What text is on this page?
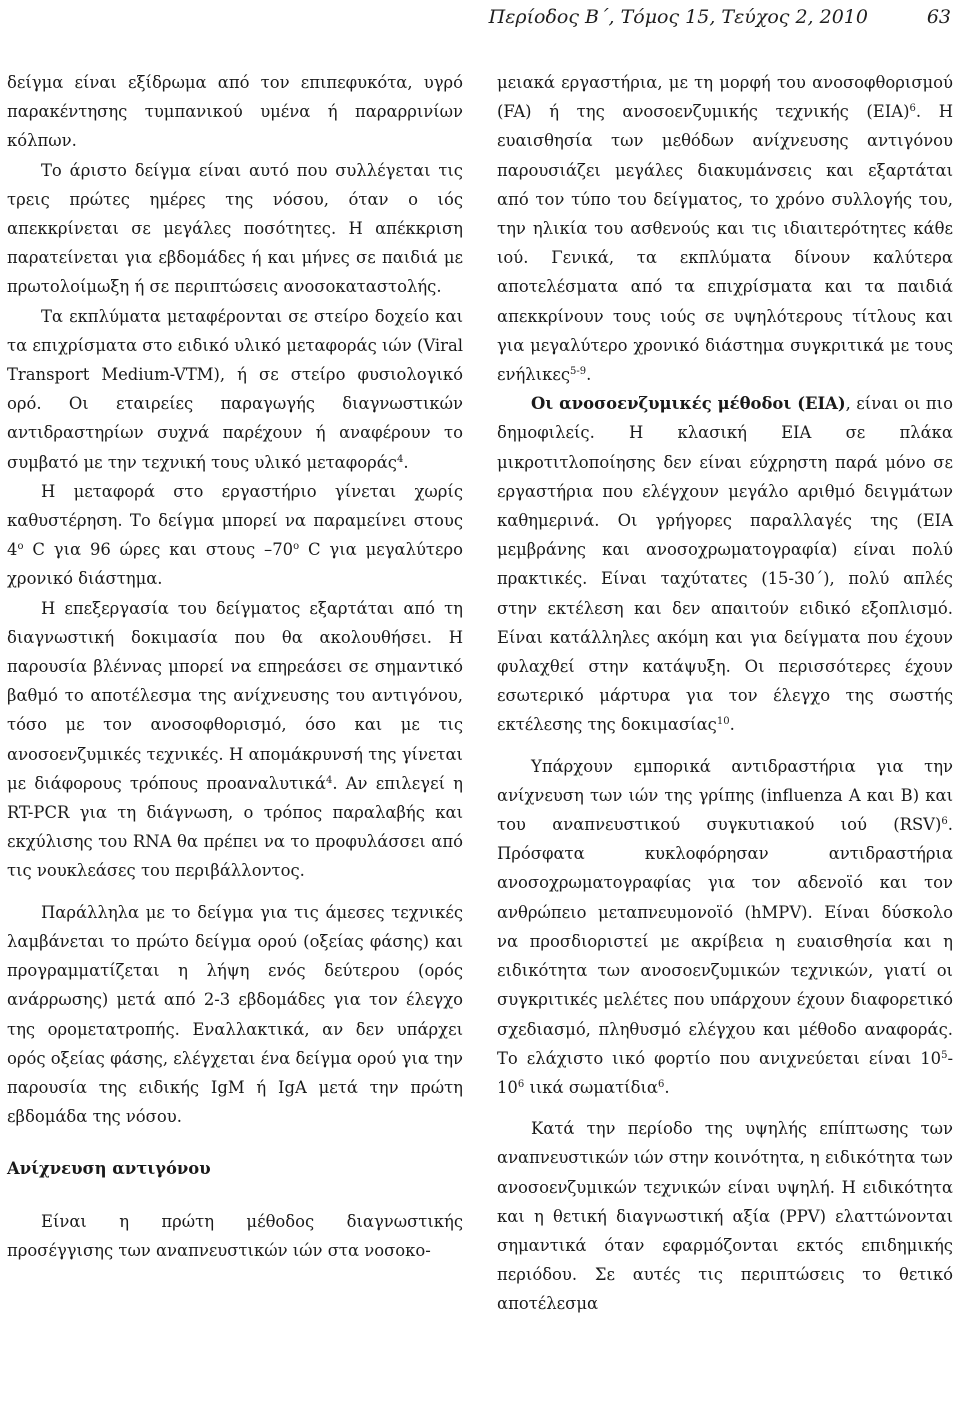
Περίοδος Β΄, Τόμος 15, Τεύχος 2, 2010	63

δείγμα είναι εξίδρωμα από τον επιπεφυκότα, υγρό παρακέντησης τυμπανικού υμένα ή παραρρινίων κόλπων.

Το άριστο δείγμα είναι αυτό που συλλέγεται τις τρεις πρώτες ημέρες της νόσου, όταν ο ιός απεκκρίνεται σε μεγάλες ποσότητες. Η απέκκριση παρατείνεται για εβδομάδες ή και μήνες σε παιδιά με πρωτολοίμωξη ή σε περιπτώσεις ανοσοκαταστολής.

Τα εκπλύματα μεταφέρονται σε στείρο δοχείο και τα επιχρίσματα στο ειδικό υλικό μεταφοράς ιών (Viral Transport Medium-VTM), ή σε στείρο φυσιολογικό ορό. Οι εταιρείες παραγωγής διαγνωστικών αντιδραστηρίων συχνά παρέχουν ή αναφέρουν το συμβατό με την τεχνική τους υλικό μεταφοράς$^4$.

Η μεταφορά στο εργαστήριο γίνεται χωρίς καθυστέρηση. Το δείγμα μπορεί να παραμείνει στους $4^o$ C για 96 ώρες και στους $-70^o$ C για μεγαλύτερο χρονικό διάστημα.

Η επεξεργασία του δείγματος εξαρτάται από τη διαγνωστική δοκιμασία που θα ακολουθήσει. Η παρουσία βλέννας μπορεί να επηρεάσει σε σημαντικό βαθμό το αποτέλεσμα της ανίχνευσης του αντιγόνου, τόσο με τον ανοσοφθορισμό, όσο και με τις ανοσοενζυμικές τεχνικές. Η απομάκρυνσή της γίνεται με διάφορους τρόπους προαναλυτικά$^4$. Αν επιλεγεί η RT-PCR για τη διάγνωση, ο τρόπος παραλαβής και εκχύλισης του RNA θα πρέπει να το προφυλάσσει από τις νουκλεάσες του περιβάλλοντος.

Παράλληλα με το δείγμα για τις άμεσες τεχνικές λαμβάνεται το πρώτο δείγμα ορού (οξείας φάσης) και προγραμματίζεται η λήψη ενός δεύτερου (ορός ανάρρωσης) μετά από 2-3 εβδομάδες για τον έλεγχο της ορομετατροπής. Εναλλακτικά, αν δεν υπάρχει ορός οξείας φάσης, ελέγχεται ένα δείγμα ορού για την παρουσία της ειδικής IgM ή IgA μετά την πρώτη εβδομάδα της νόσου.

Ανίχνευση αντιγόνου

Είναι η πρώτη μέθοδος διαγνωστικής προσέγγισης των αναπνευστικών ιών στα νοσοκο-

μειακά εργαστήρια, με τη μορφή του ανοσοφθορισμού (FA) ή της ανοσοενζυμικής τεχνικής (EIA)$^6$. Η ευαισθησία των μεθόδων ανίχνευσης αντιγόνου παρουσιάζει μεγάλες διακυμάνσεις και εξαρτάται από τον τύπο του δείγματος, το χρόνο συλλογής του, την ηλικία του ασθενούς και τις ιδιαιτερότητες κάθε ιού. Γενικά, τα εκπλύματα δίνουν καλύτερα αποτελέσματα από τα επιχρίσματα και τα παιδιά απεκκρίνουν τους ιούς σε υψηλότερους τίτλους και για μεγαλύτερο χρονικό διάστημα συγκριτικά με τους ενήλικες$^{5-9}$.

Οι ανοσοενζυμικές μέθοδοι (EIA), είναι οι πιο δημοφιλείς. Η κλασική EIA σε πλάκα μικροτιτλοποίησης δεν είναι εύχρηστη παρά μόνο σε εργαστήρια που ελέγχουν μεγάλο αριθμό δειγμάτων καθημερινά. Οι γρήγορες παραλλαγές της (EIA μεμβράνης και ανοσοχρωματογραφία) είναι πολύ πρακτικές. Είναι ταχύτατες (15-30΄), πολύ απλές στην εκτέλεση και δεν απαιτούν ειδικό εξοπλισμό. Είναι κατάλληλες ακόμη και για δείγματα που έχουν φυλαχθεί στην κατάψυξη. Οι περισσότερες έχουν εσωτερικό μάρτυρα για τον έλεγχο της σωστής εκτέλεσης της δοκιμασίας$^{10}$.

Υπάρχουν εμπορικά αντιδραστήρια για την ανίχνευση των ιών της γρίπης (influenza A και B) και του αναπνευστικού συγκυτιακού ιού (RSV)$^6$. Πρόσφατα κυκλοφόρησαν αντιδραστήρια ανοσοχρωματογραφίας για τον αδενοϊό και τον ανθρώπειο μεταπνευμονοϊό (hMPV). Είναι δύσκολο να προσδιοριστεί με ακρίβεια η ευαισθησία και η ειδικότητα των ανοσοενζυμικών τεχνικών, γιατί οι συγκριτικές μελέτες που υπάρχουν έχουν διαφορετικό σχεδιασμό, πληθυσμό ελέγχου και μέθοδο αναφοράς. Το ελάχιστο ιικό φορτίο που ανιχνεύεται είναι $10^5-10^6$ ιικά σωματίδια$^6$.

Κατά την περίοδο της υψηλής επίπτωσης των αναπνευστικών ιών στην κοινότητα, η ειδικότητα των ανοσοενζυμικών τεχνικών είναι υψηλή. Η ειδικότητα και η θετική διαγνωστική αξία (PPV) ελαττώνονται σημαντικά όταν εφαρμόζονται εκτός επιδημικής περιόδου. Σε αυτές τις περιπτώσεις το θετικό αποτέλεσμα
